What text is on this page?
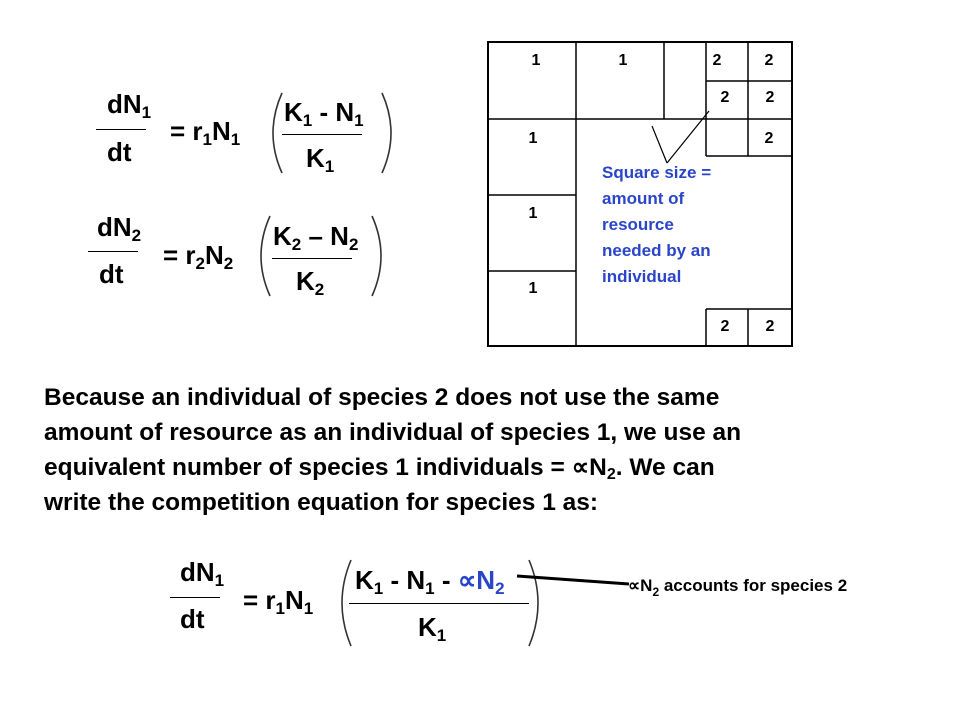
$dN_1$
dt
= $r_1N_1$
$K_1 - N_1$
$K_1$
$dN_2$
dt
= $r_2N_2$
$K_2 - N_2$
$K_2$
1	1	2	2
2	2
1	2
1
1
2	2
Square size =
amount of
resource
needed by an
individual
Because an individual of species 2 does not use the same
amount of resource as an individual of species 1, we use an
equivalent number of species 1 individuals = $\propto N_2$. We can
write the competition equation for species 1 as:
$dN_1$
dt
= $r_1N_1$
$K_1 - N_1 - \propto N_2$
$K_1$
$\propto N_2$ accounts for species 2
